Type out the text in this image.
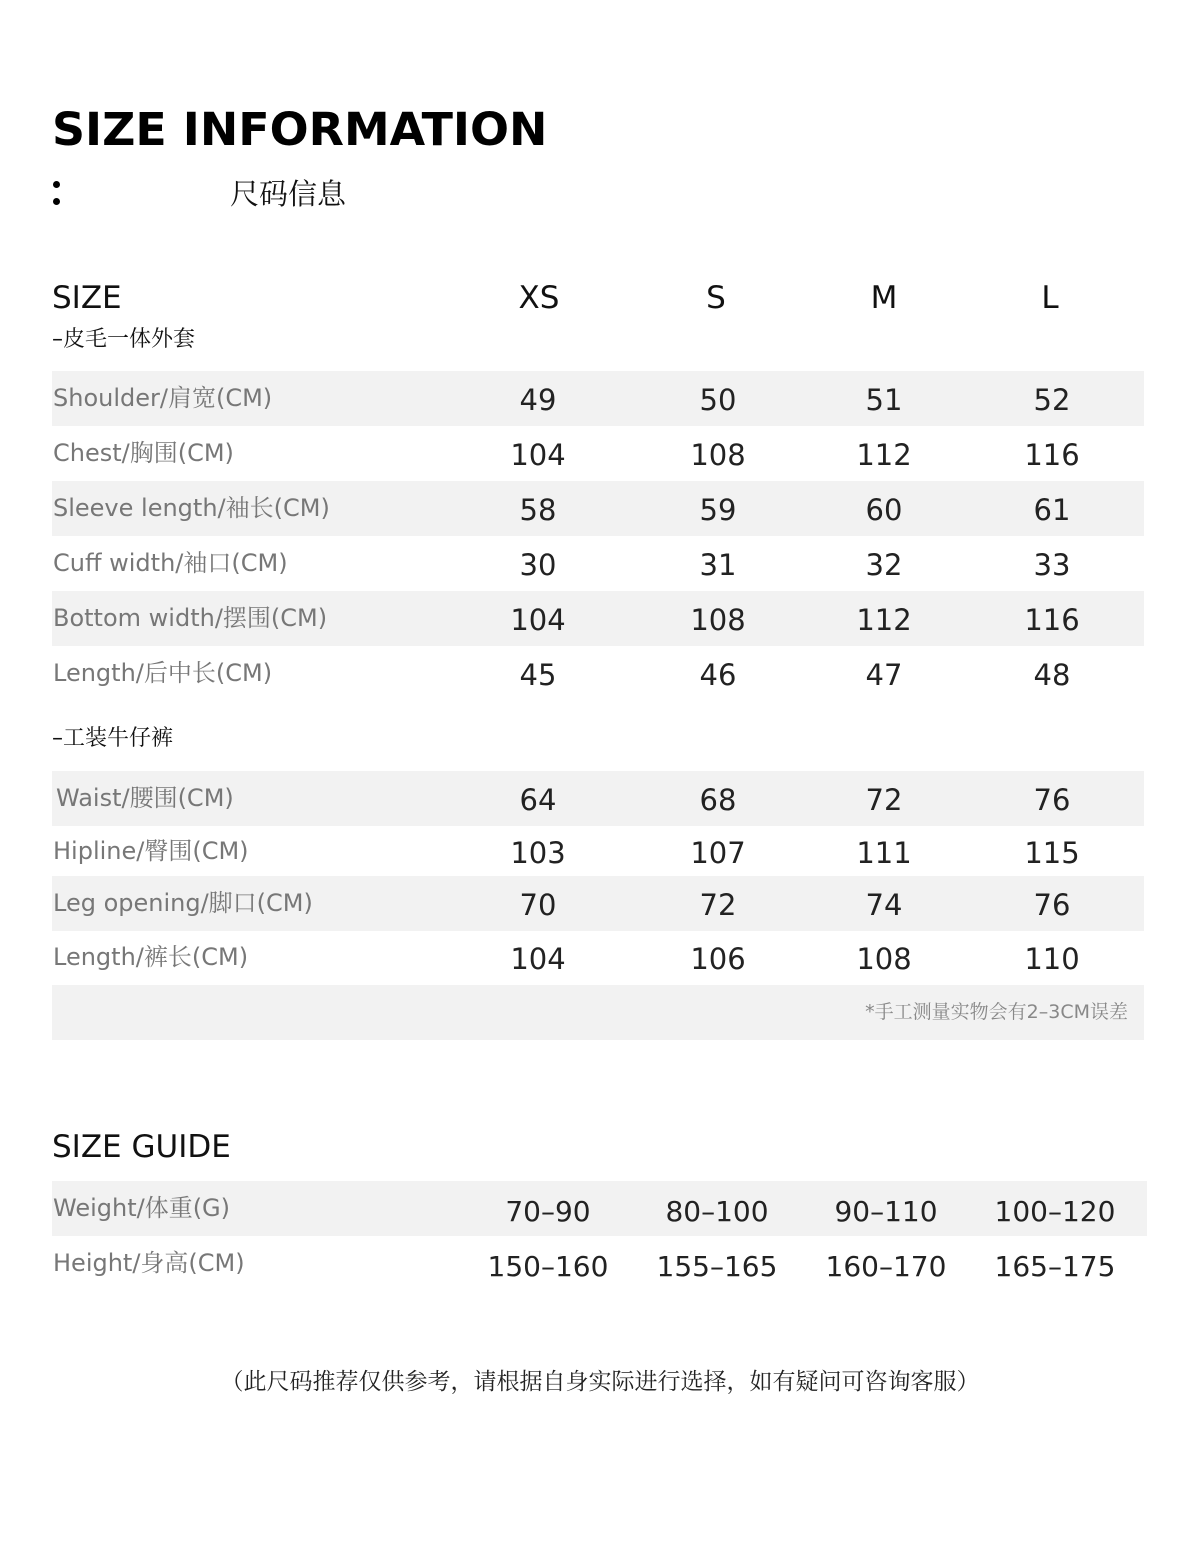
SIZE INFORMATION
尺码信息
SIZE	XS	S	M	L
–皮毛一体外套
Shoulder/肩宽(CM)	49	50	51	52
Chest/胸围(CM)	104	108	112	116
Sleeve length/袖长(CM)	58	59	60	61
Cuff width/袖口(CM)	30	31	32	33
Bottom width/摆围(CM)	104	108	112	116
Length/后中长(CM)	45	46	47	48
–工装牛仔裤
Waist/腰围(CM)	64	68	72	76
Hipline/臀围(CM)	103	107	111	115
Leg opening/脚口(CM)	70	72	74	76
Length/裤长(CM)	104	106	108	110
*手工测量实物会有2–3CM误差
SIZE GUIDE
Weight/体重(G)	70–90	80–100	90–110	100–120
Height/身高(CM)	150–160	155–165	160–170	165–175
（此尺码推荐仅供参考，请根据自身实际进行选择，如有疑问可咨询客服）
